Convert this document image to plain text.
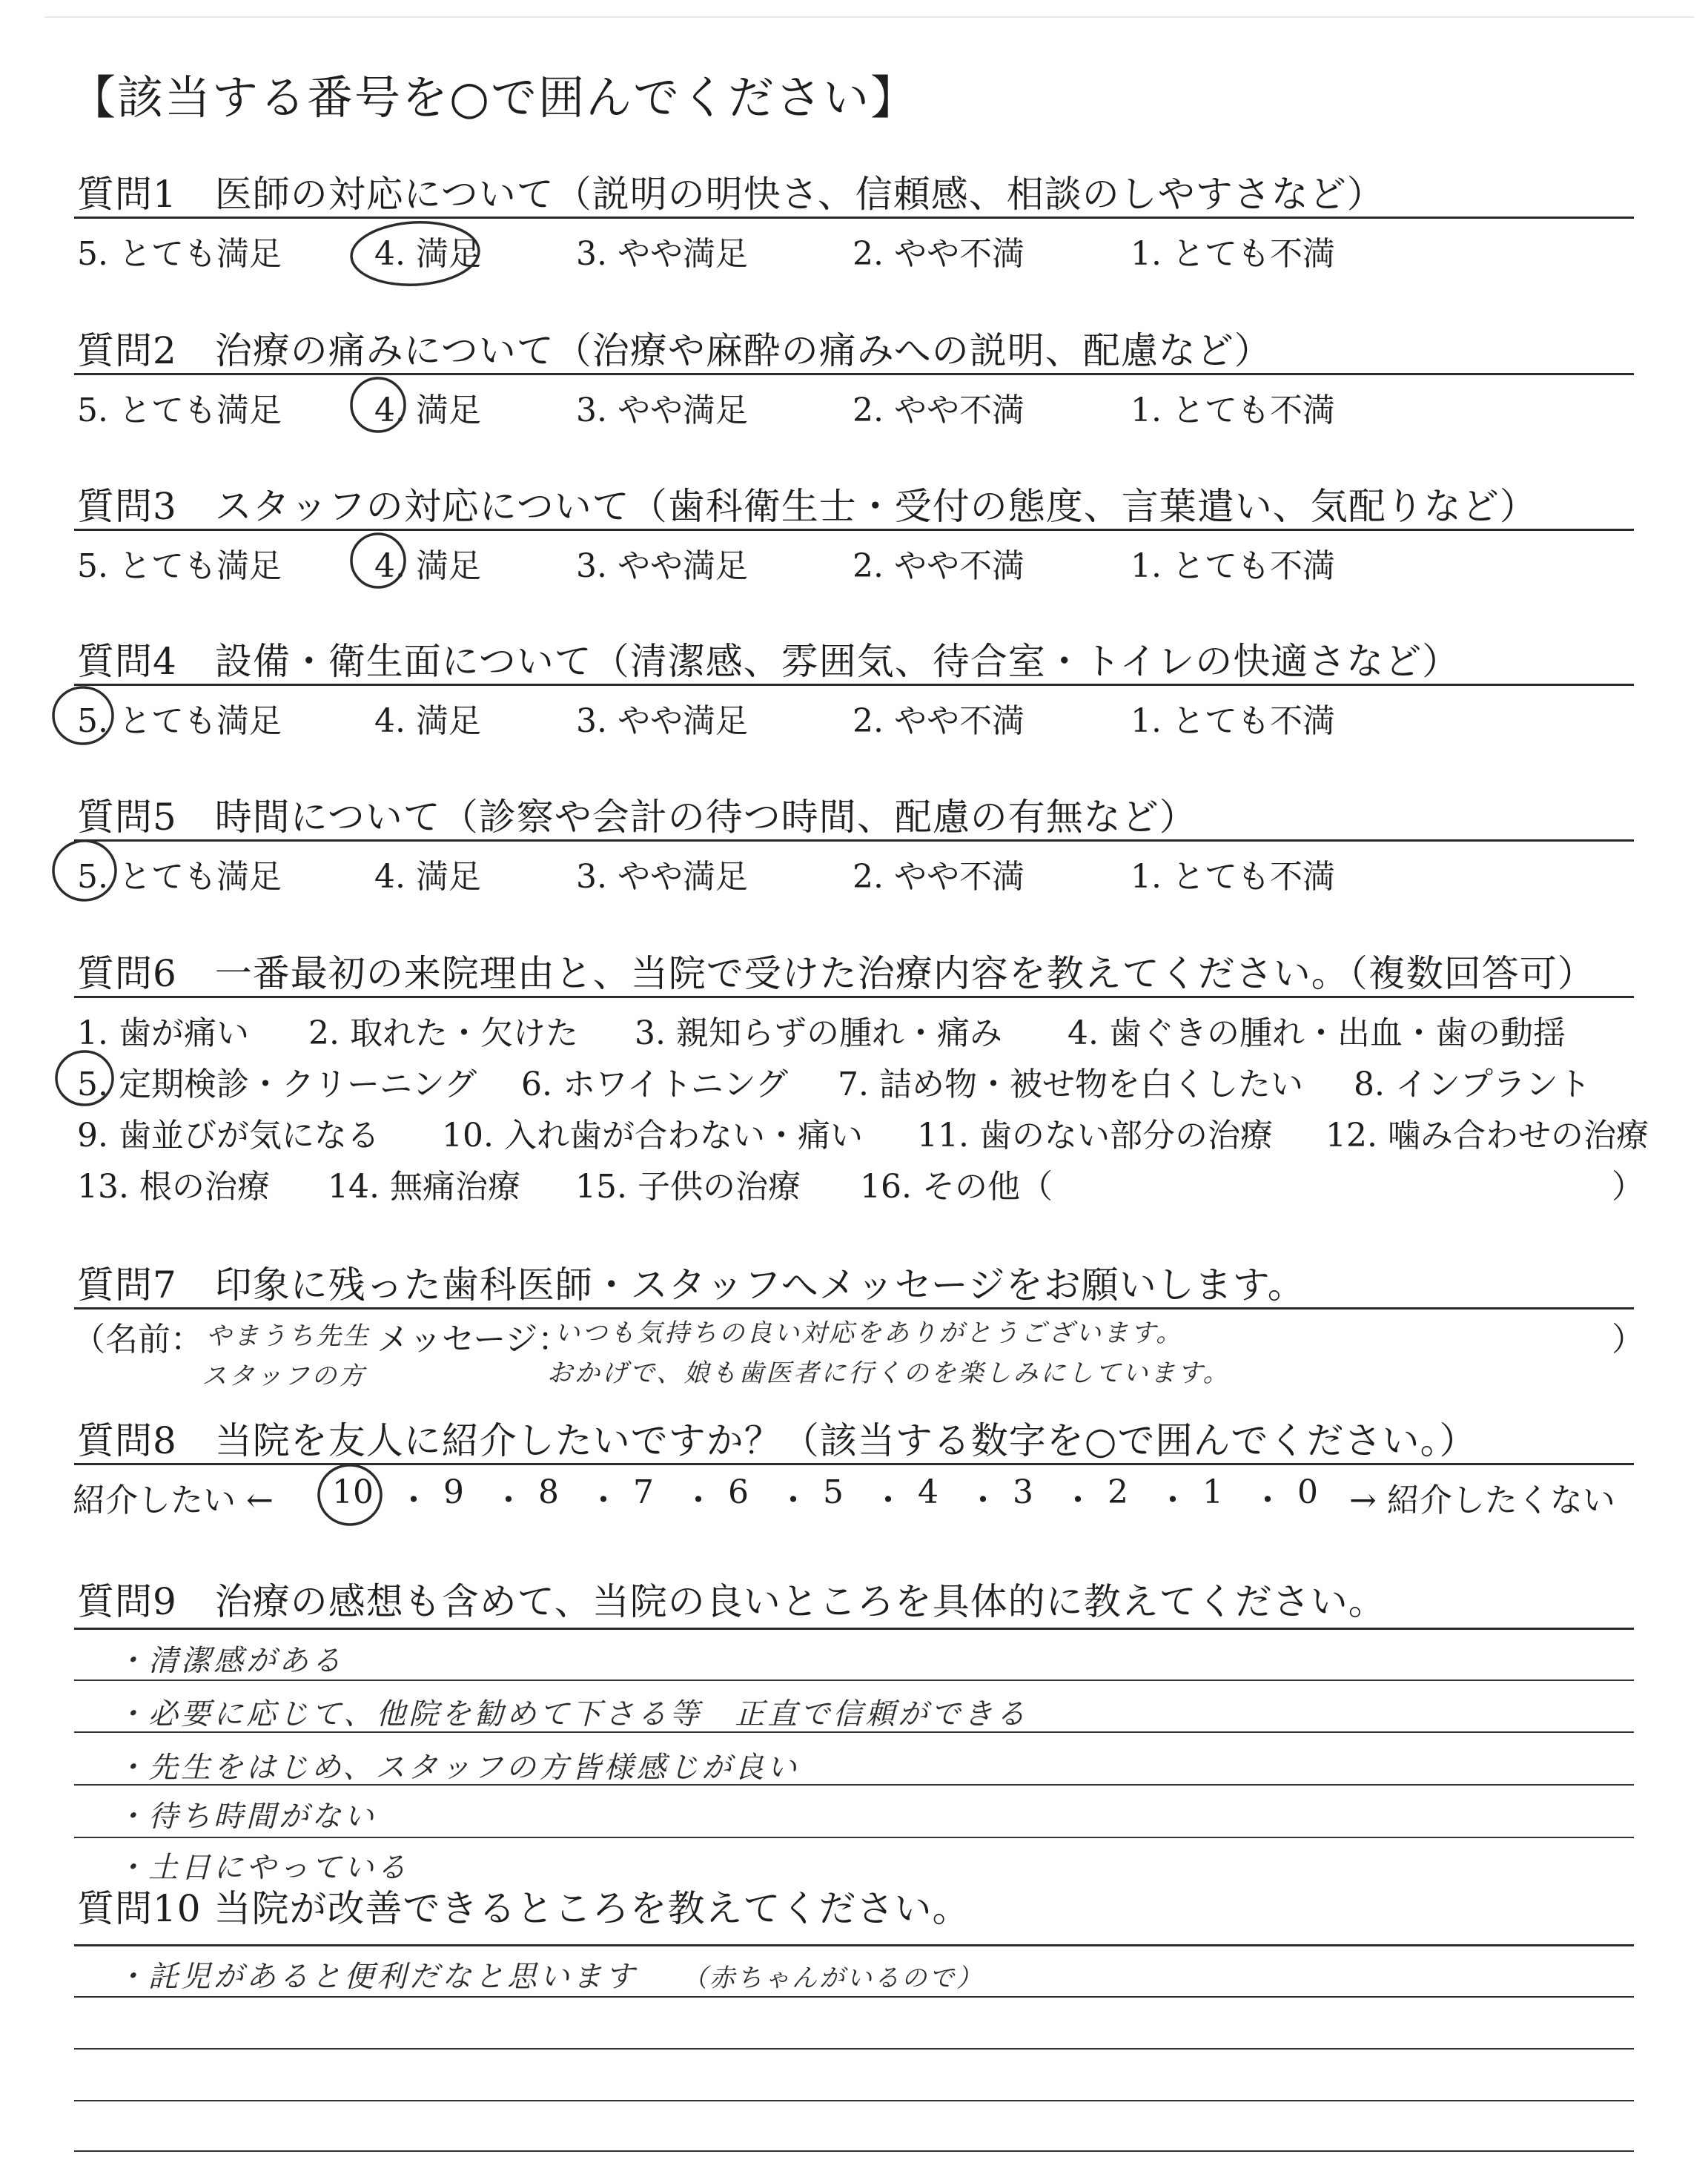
【該当する番号を○で囲んでください】
質問1　医師の対応について（説明の明快さ、信頼感、相談のしやすさなど）
5. とても満足	4. 満足	3. やや満足	2. やや不満	1. とても不満
質問2　治療の痛みについて（治療や麻酔の痛みへの説明、配慮など）
5. とても満足	4. 満足	3. やや満足	2. やや不満	1. とても不満
質問3　スタッフの対応について（歯科衛生士・受付の態度、言葉遣い、気配りなど）
5. とても満足	4. 満足	3. やや満足	2. やや不満	1. とても不満
質問4　設備・衛生面について（清潔感、雰囲気、待合室・トイレの快適さなど）
5. とても満足	4. 満足	3. やや満足	2. やや不満	1. とても不満
質問5　時間について（診察や会計の待つ時間、配慮の有無など）
5. とても満足	4. 満足	3. やや満足	2. やや不満	1. とても不満
質問6　一番最初の来院理由と、当院で受けた治療内容を教えてください。（複数回答可）
1. 歯が痛い 2. 取れた・欠けた 3. 親知らずの腫れ・痛み 4. 歯ぐきの腫れ・出血・歯の動揺
5. 定期検診・クリーニング 6. ホワイトニング 7. 詰め物・被せ物を白くしたい 8. インプラント
9. 歯並びが気になる 10. 入れ歯が合わない・痛い 11. 歯のない部分の治療 12. 噛み合わせの治療
13. 根の治療 14. 無痛治療 15. 子供の治療 16. その他（	）
質問7　印象に残った歯科医師・スタッフへメッセージをお願いします。
（名前： やまうち先生
スタッフの方
メッセージ：
いつも気持ちの良い対応をありがとうございます。
おかげで、娘も歯医者に行くのを楽しみにしています。
）
質問8　当院を友人に紹介したいですか？（該当する数字を○で囲んでください。）
紹介したい ← 10 9 8 7 6 5 4 3 2 1 0 → 紹介したくない
・ ・ ・ ・ ・ ・ ・ ・ ・ ・
質問9　治療の感想も含めて、当院の良いところを具体的に教えてください。
・清潔感がある
・必要に応じて、他院を勧めて下さる等　正直で信頼ができる
・先生をはじめ、スタッフの方皆様感じが良い
・待ち時間がない
・土日にやっている
質問10 当院が改善できるところを教えてください。
・託児があると便利だなと思います （赤ちゃんがいるので）
